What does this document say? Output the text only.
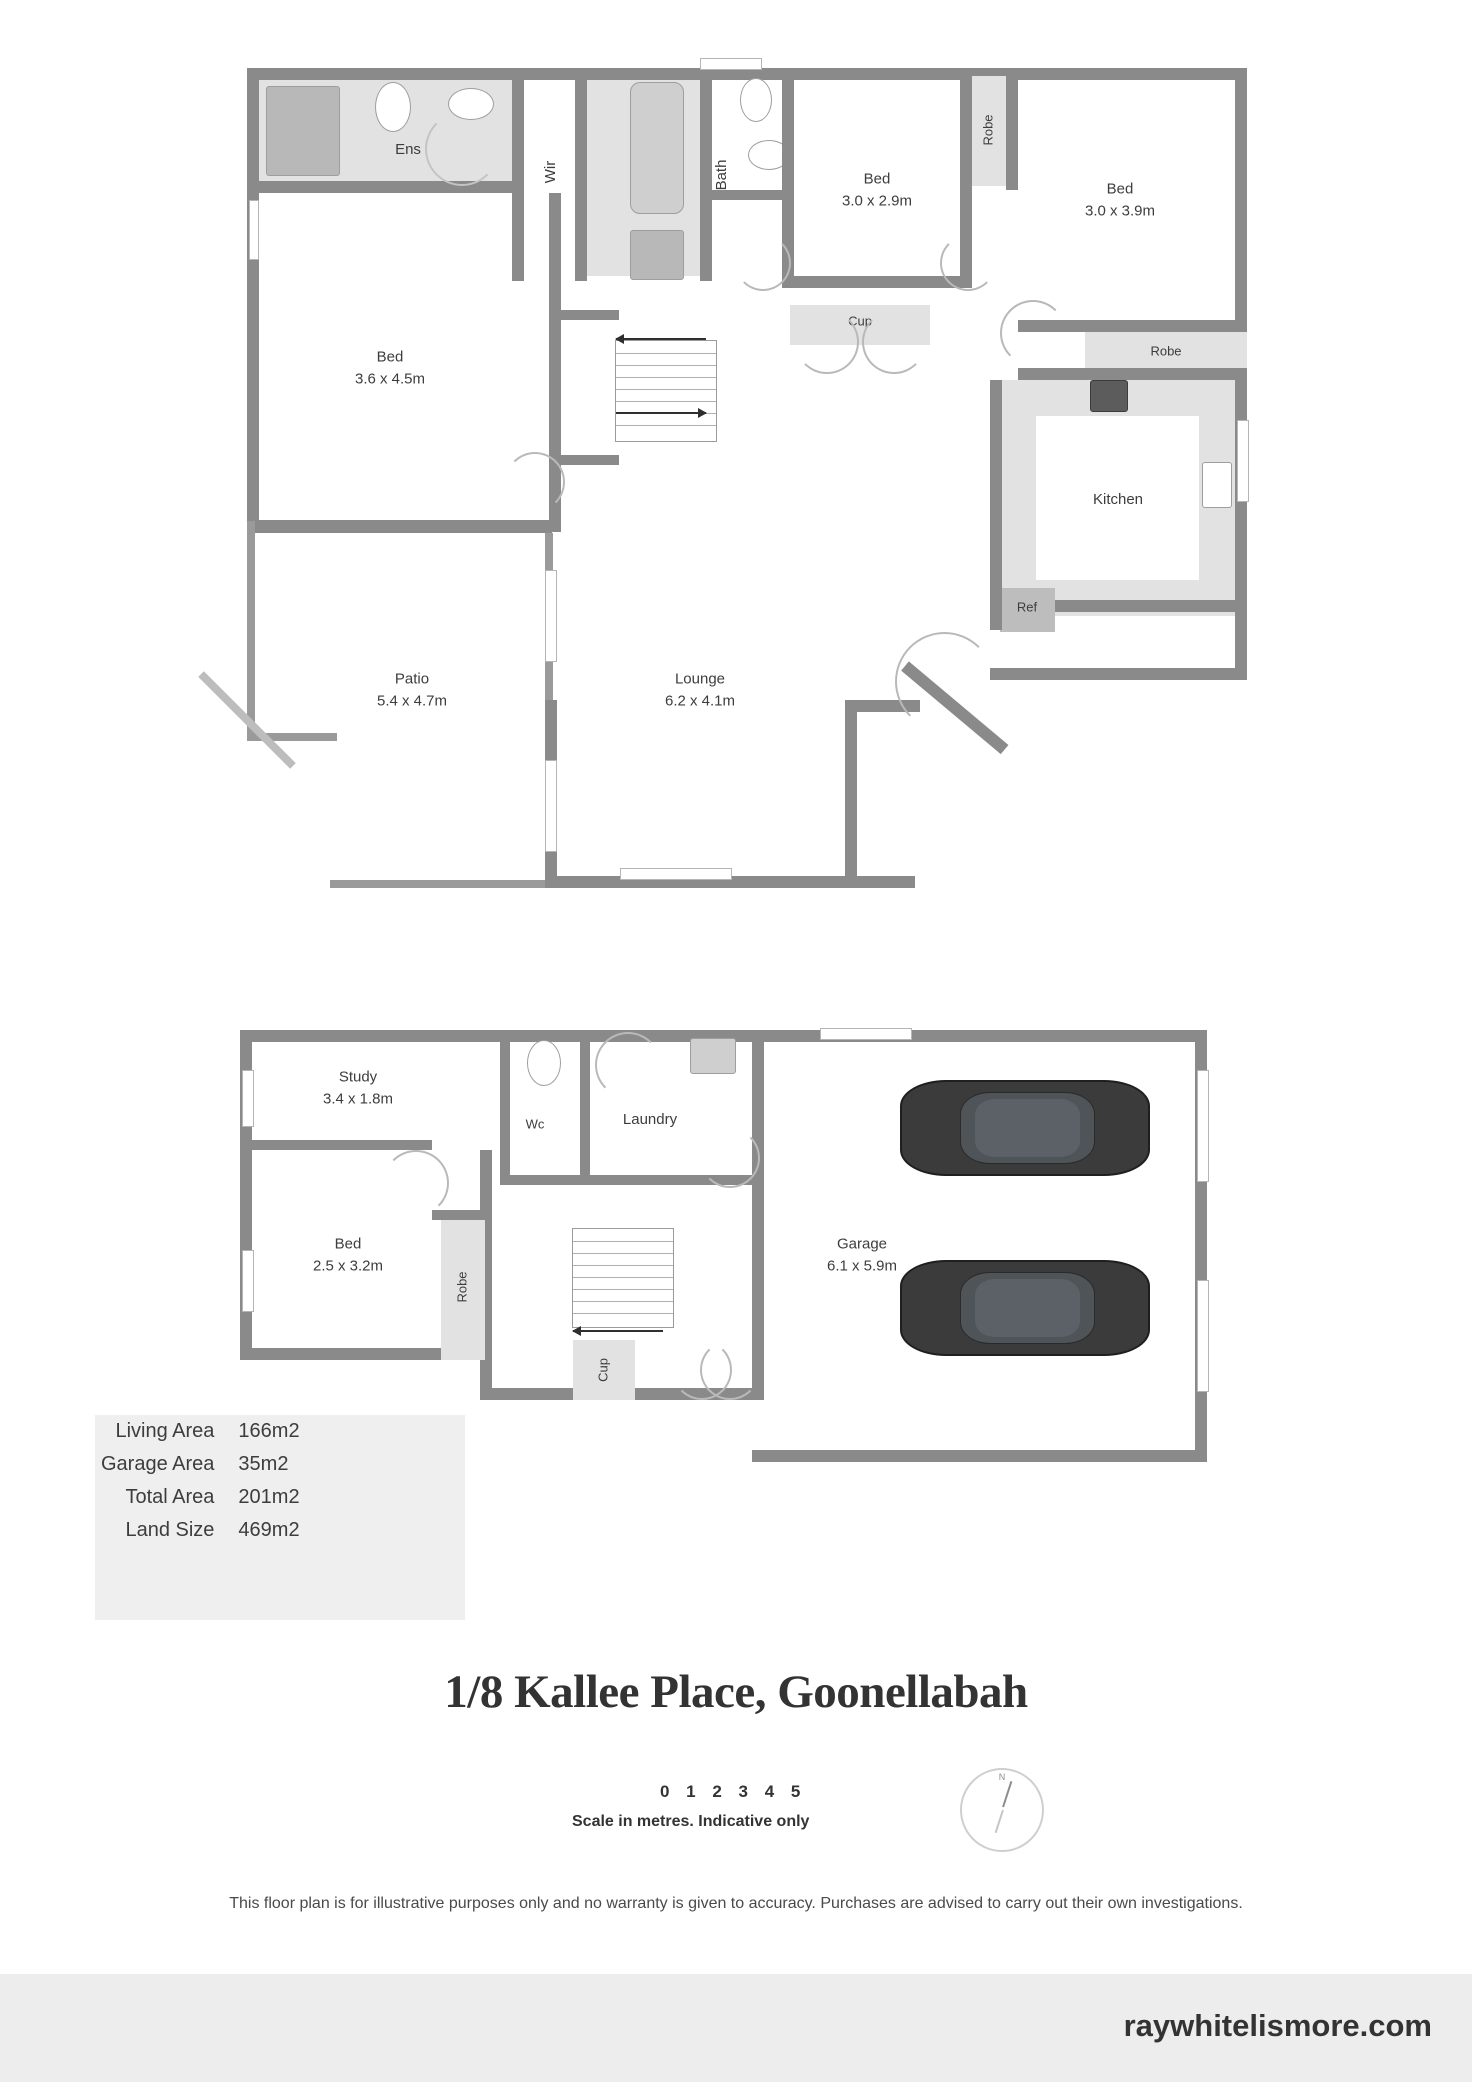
Ens
Wir	Bath	Bed
3.0 x 2.9m
Robe
Bed
3.0 x 3.9m
Robe
Bed
3.6 x 4.5m
Cup
Kitchen
Ref
Patio
5.4 x 4.7m
Lounge
6.2 x 4.1m
Study
3.4 x 1.8m
Wc	Laundry
Bed
2.5 x 3.2m
Robe
Cup
Garage
6.1 x 5.9m
Living Area	166m2
Garage Area	35m2
Total Area	201m2
Land Size	469m2
1/8 Kallee Place, Goonellabah
0 1 2 3 4 5
Scale in metres. Indicative only
N
This floor plan is for illustrative purposes only and no warranty is given to accuracy. Purchases are advised to carry out their own investigations.
raywhitelismore.com
